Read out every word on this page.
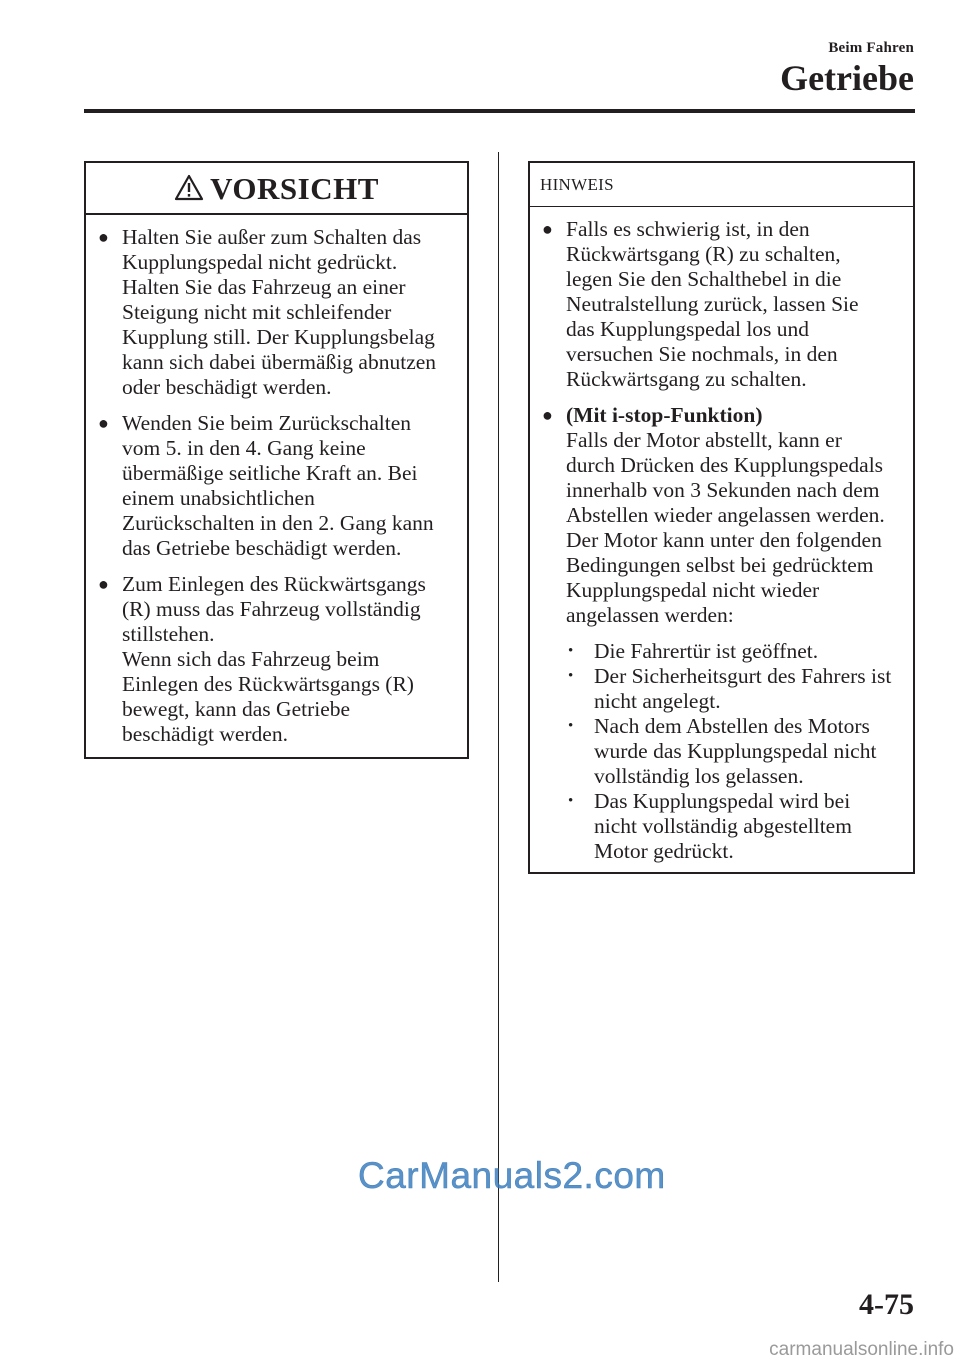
Beim Fahren
Getriebe
VORSICHT
● Halten Sie außer zum Schalten das
Kupplungspedal nicht gedrückt.
Halten Sie das Fahrzeug an einer
Steigung nicht mit schleifender
Kupplung still. Der Kupplungsbelag
kann sich dabei übermäßig abnutzen
oder beschädigt werden.
● Wenden Sie beim Zurückschalten
vom 5. in den 4. Gang keine
übermäßige seitliche Kraft an. Bei
einem unabsichtlichen
Zurückschalten in den 2. Gang kann
das Getriebe beschädigt werden.
● Zum Einlegen des Rückwärtsgangs
(R) muss das Fahrzeug vollständig
stillstehen.
Wenn sich das Fahrzeug beim
Einlegen des Rückwärtsgangs (R)
bewegt, kann das Getriebe
beschädigt werden.
HINWEIS
● Falls es schwierig ist, in den
Rückwärtsgang (R) zu schalten,
legen Sie den Schalthebel in die
Neutralstellung zurück, lassen Sie
das Kupplungspedal los und
versuchen Sie nochmals, in den
Rückwärtsgang zu schalten.
● (Mit i-stop-Funktion)
Falls der Motor abstellt, kann er
durch Drücken des Kupplungspedals
innerhalb von 3 Sekunden nach dem
Abstellen wieder angelassen werden.
Der Motor kann unter den folgenden
Bedingungen selbst bei gedrücktem
Kupplungspedal nicht wieder
angelassen werden:
• Die Fahrertür ist geöffnet.
• Der Sicherheitsgurt des Fahrers ist
nicht angelegt.
• Nach dem Abstellen des Motors
wurde das Kupplungspedal nicht
vollständig los gelassen.
• Das Kupplungspedal wird bei
nicht vollständig abgestelltem
Motor gedrückt.
CarManuals2.com
4-75
carmanualsonline.info
